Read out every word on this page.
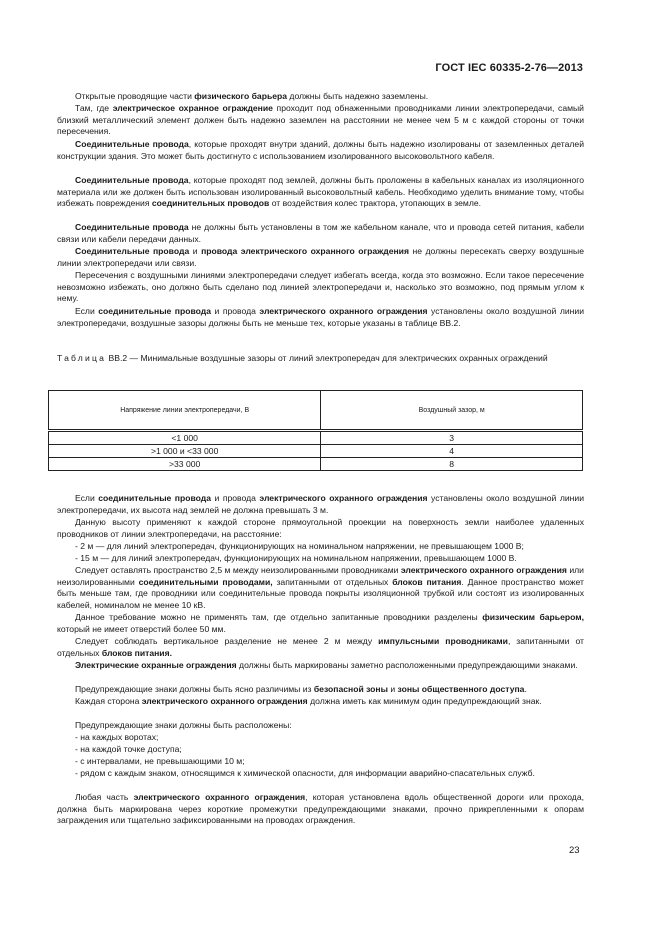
ГОСТ IEC 60335-2-76—2013

Открытые проводящие части физического барьера должны быть надежно заземлены.

Там, где электрическое охранное ограждение проходит под обнаженными проводниками линии электропередачи, самый близкий металлический элемент должен быть надежно заземлен на расстоянии не менее чем 5 м с каждой стороны от точки пересечения.

Соединительные провода, которые проходят внутри зданий, должны быть надежно изолированы от заземленных деталей конструкции здания. Это может быть достигнуто с использованием изолированного высоковольтного кабеля.

Соединительные провода, которые проходят под землей, должны быть проложены в кабельных каналах из изоляционного материала или же должен быть использован изолированный высоковольтный кабель. Необходимо уделить внимание тому, чтобы избежать повреждения соединительных проводов от воздействия колес трактора, утопающих в земле.

Соединительные провода не должны быть установлены в том же кабельном канале, что и провода сетей питания, кабели связи или кабели передачи данных.

Соединительные провода и провода электрического охранного ограждения не должны пересекать сверху воздушные линии электропередачи или связи.

Пересечения с воздушными линиями электропередачи следует избегать всегда, когда это возможно. Если такое пересечение невозможно избежать, оно должно быть сделано под линией электропередачи и, насколько это возможно, под прямым углом к нему.

Если соединительные провода и провода электрического охранного ограждения установлены около воздушной линии электропередачи, воздушные зазоры должны быть не меньше тех, которые указаны в таблице ВВ.2.

Таблица ВВ.2 — Минимальные воздушные зазоры от линий электропередач для электрических охранных ограждений
Напряжение линии электропередачи, В	Воздушный зазор, м
<1 000	3
>1 000 и <33 000	4
>33 000	8

Если соединительные провода и провода электрического охранного ограждения установлены около воздушной линии электропередачи, их высота над землей не должна превышать 3 м.

Данную высоту применяют к каждой стороне прямоугольной проекции на поверхность земли наиболее удаленных проводников от линии электропередачи, на расстояние:

- 2 м — для линий электропередач, функционирующих на номинальном напряжении, не превышающем 1000 В;

- 15 м — для линий электропередач, функционирующих на номинальном напряжении, превышающем 1000 В.

Следует оставлять пространство 2,5 м между неизолированными проводниками электрического охранного ограждения или неизолированными соединительными проводами, запитанными от отдельных блоков питания. Данное пространство может быть меньше там, где проводники или соединительные провода покрыты изоляционной трубкой или состоят из изолированных кабелей, номиналом не менее 10 кВ.

Данное требование можно не применять там, где отдельно запитанные проводники разделены физическим барьером, который не имеет отверстий более 50 мм.

Следует соблюдать вертикальное разделение не менее 2 м между импульсными проводниками, запитанными от отдельных блоков питания.

Электрические охранные ограждения должны быть маркированы заметно расположенными предупреждающими знаками.

Предупреждающие знаки должны быть ясно различимы из безопасной зоны и зоны общественного доступа.

Каждая сторона электрического охранного ограждения должна иметь как минимум один предупреждающий знак.

Предупреждающие знаки должны быть расположены:

- на каждых воротах;

- на каждой точке доступа;

- с интервалами, не превышающими 10 м;

- рядом с каждым знаком, относящимся к химической опасности, для информации аварийно-спасательных служб.

Любая часть электрического охранного ограждения, которая установлена вдоль общественной дороги или прохода, должна быть маркирована через короткие промежутки предупреждающими знаками, прочно прикрепленными к опорам заграждения или тщательно зафиксированными на проводах ограждения.

23
